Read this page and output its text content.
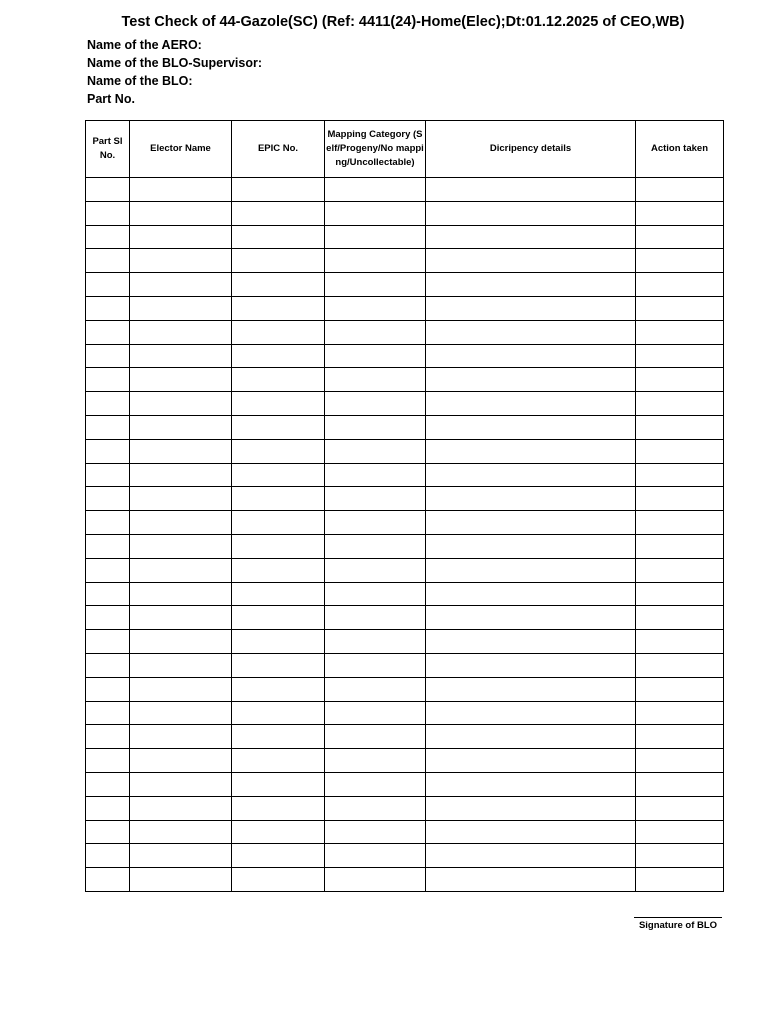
Test Check of 44-Gazole(SC) (Ref: 4411(24)-Home(Elec);Dt:01.12.2025 of CEO,WB)
Name of the AERO:
Name of the BLO-Supervisor:
Name of the BLO:
Part No.
Part Sl No.	Elector Name	EPIC No.	Mapping Category (Self/Progeny/No mapping/Uncollectable)	Dicripency details	Action taken

Signature of BLO
